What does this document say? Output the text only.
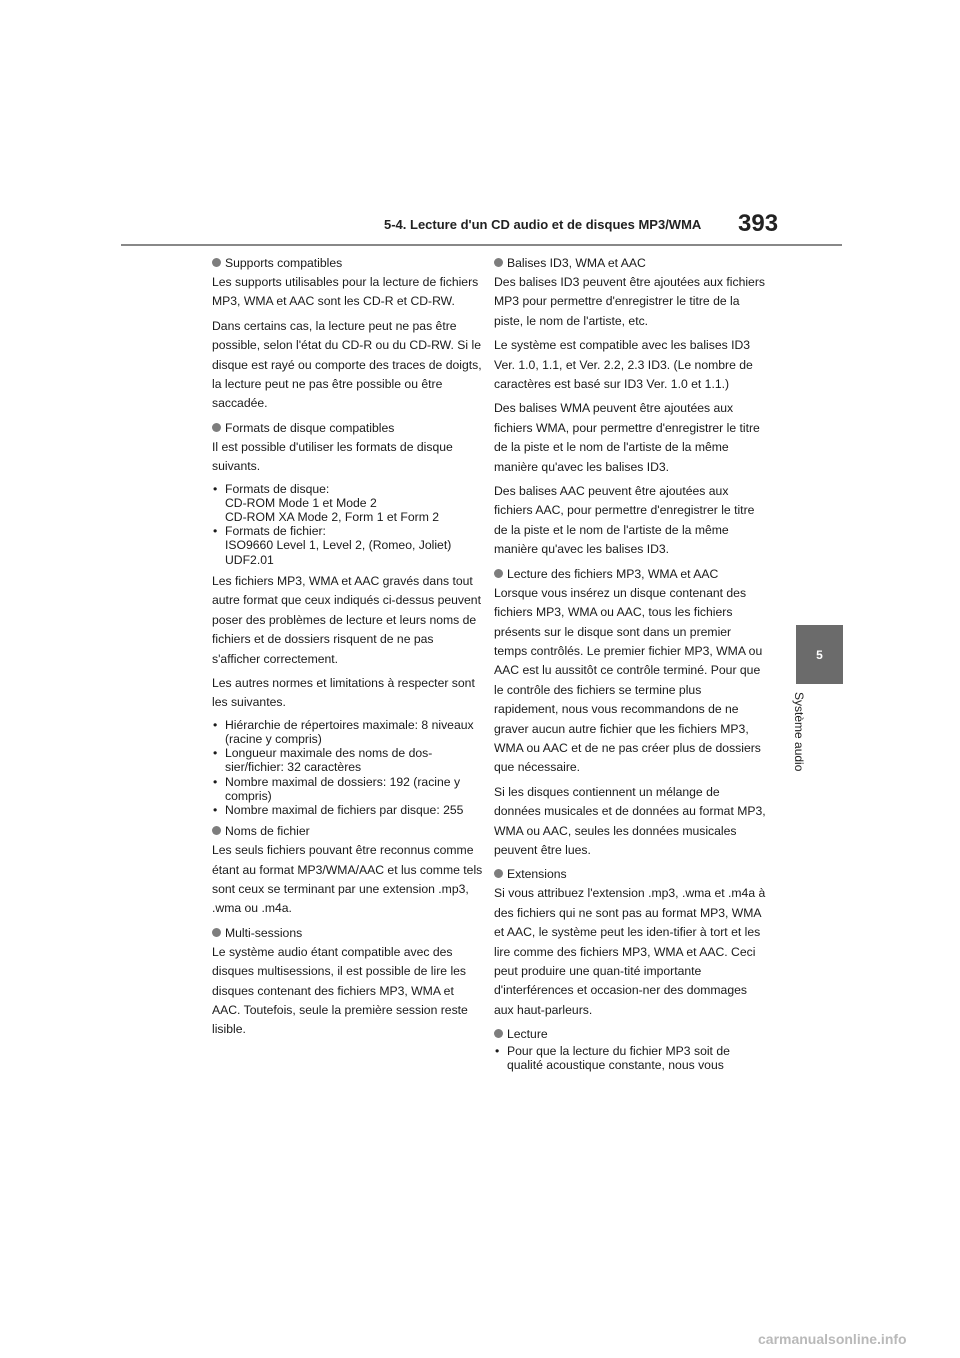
5-4. Lecture d'un CD audio et de disques MP3/WMA 393
5
Système audio
Supports compatibles

Les supports utilisables pour la lecture de fichiers MP3, WMA et AAC sont les CD-R et CD-RW.

Dans certains cas, la lecture peut ne pas être possible, selon l'état du CD-R ou du CD-RW. Si le disque est rayé ou comporte des traces de doigts, la lecture peut ne pas être possible ou être saccadée.

Formats de disque compatibles

Il est possible d'utiliser les formats de disque suivants.

• Formats de disque:
CD-ROM Mode 1 et Mode 2
CD-ROM XA Mode 2, Form 1 et Form 2
• Formats de fichier:
ISO9660 Level 1, Level 2, (Romeo, Joliet)
UDF2.01

Les fichiers MP3, WMA et AAC gravés dans tout autre format que ceux indiqués ci-dessus peuvent poser des problèmes de lecture et leurs noms de fichiers et de dossiers risquent de ne pas s'afficher correctement.

Les autres normes et limitations à respecter sont les suivantes.

• Hiérarchie de répertoires maximale: 8 niveaux (racine y compris)
• Longueur maximale des noms de dos-sier/fichier: 32 caractères
• Nombre maximal de dossiers: 192 (racine y compris)
• Nombre maximal de fichiers par disque: 255
Noms de fichier

Les seuls fichiers pouvant être reconnus comme étant au format MP3/WMA/AAC et lus comme tels sont ceux se terminant par une extension .mp3, .wma ou .m4a.

Multi-sessions

Le système audio étant compatible avec des disques multisessions, il est possible de lire les disques contenant des fichiers MP3, WMA et AAC. Toutefois, seule la première session reste lisible.

Balises ID3, WMA et AAC

Des balises ID3 peuvent être ajoutées aux fichiers MP3 pour permettre d'enregistrer le titre de la piste, le nom de l'artiste, etc.

Le système est compatible avec les balises ID3 Ver. 1.0, 1.1, et Ver. 2.2, 2.3 ID3. (Le nombre de caractères est basé sur ID3 Ver. 1.0 et 1.1.)

Des balises WMA peuvent être ajoutées aux fichiers WMA, pour permettre d'enregistrer le titre de la piste et le nom de l'artiste de la même manière qu'avec les balises ID3.

Des balises AAC peuvent être ajoutées aux fichiers AAC, pour permettre d'enregistrer le titre de la piste et le nom de l'artiste de la même manière qu'avec les balises ID3.

Lecture des fichiers MP3, WMA et AAC

Lorsque vous insérez un disque contenant des fichiers MP3, WMA ou AAC, tous les fichiers présents sur le disque sont dans un premier temps contrôlés. Le premier fichier MP3, WMA ou AAC est lu aussitôt ce contrôle terminé. Pour que le contrôle des fichiers se termine plus rapidement, nous vous recommandons de ne graver aucun autre fichier que les fichiers MP3, WMA ou AAC et de ne pas créer plus de dossiers que nécessaire.

Si les disques contiennent un mélange de données musicales et de données au format MP3, WMA ou AAC, seules les données musicales peuvent être lues.

Extensions

Si vous attribuez l'extension .mp3, .wma et .m4a à des fichiers qui ne sont pas au format MP3, WMA et AAC, le système peut les iden-tifier à tort et les lire comme des fichiers MP3, WMA et AAC. Ceci peut produire une quan-tité importante d'interférences et occasion-ner des dommages aux haut-parleurs.

Lecture
• Pour que la lecture du fichier MP3 soit de qualité acoustique constante, nous vous
carmanualsonline.info
